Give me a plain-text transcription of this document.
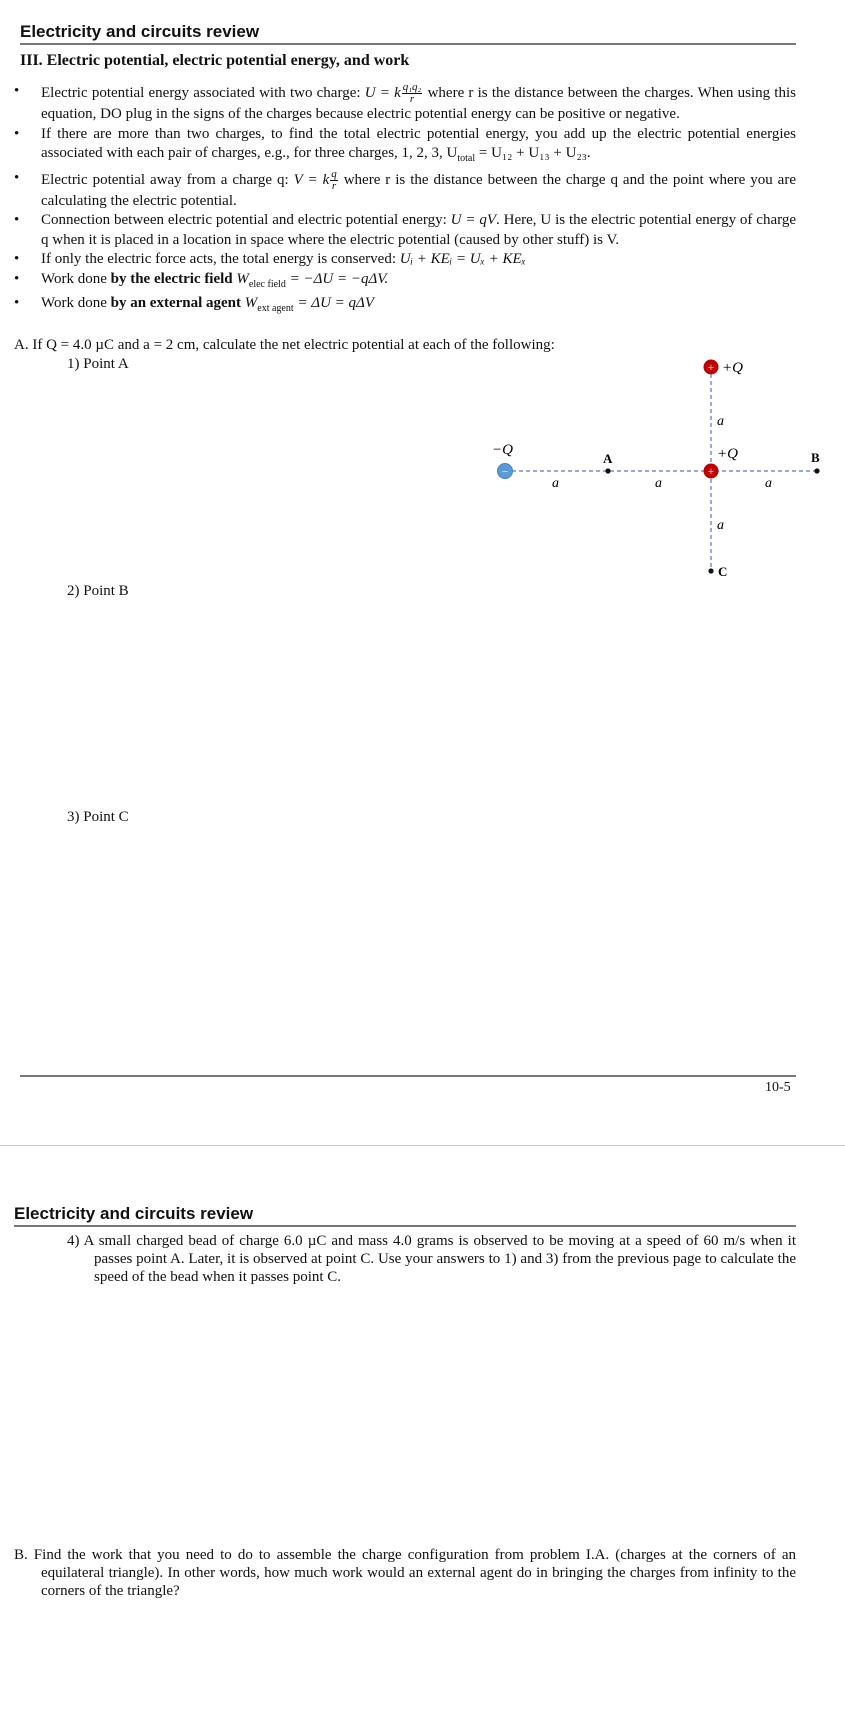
Electricity and circuits review
III. Electric potential, electric potential energy, and work
• Electric potential energy associated with two charge: U = k $\frac{\text{q₁q₂}}{r}$ where r is the distance between the charges. When using this equation, DO plug in the signs of the charges because electric potential energy can be positive or negative.
• If there are more than two charges, to find the total electric potential energy, you add up the electric potential energies associated with each pair of charges, e.g., for three charges, 1, 2, 3, $U_{total} = U_{12} + U_{13} + U_{23}$.
• Electric potential away from a charge q: V = k $\frac{q}{r}$ where r is the distance between the charge q and the point where you are calculating the electric potential.
• Connection between electric potential and electric potential energy: U = qV. Here, U is the electric potential energy of charge q when it is placed in a location in space where the electric potential (caused by other stuff) is V.
• If only the electric force acts, the total energy is conserved: Uᵢ + KEᵢ = Uₓ + KEₓ
• Work done by the electric field $W_{elec field} = -\Delta U = -q\Delta V$.
• Work done by an external agent $W_{ext agent} = \Delta U = q\Delta V$
A. If Q = 4.0 µC and a = 2 cm, calculate the net electric potential at each of the following:
1) Point A
−
−Q
+ +Q
+
+Q
A	B
C
a	a	a
a
a
2) Point B
3) Point C
10-5
Electricity and circuits review
4) A small charged bead of charge 6.0 µC and mass 4.0 grams is observed to be moving at a speed of 60 m/s when it passes point A. Later, it is observed at point C. Use your answers to 1) and 3) from the previous page to calculate the speed of the bead when it passes point C.
B. Find the work that you need to do to assemble the charge configuration from problem I.A. (charges at the corners of an equilateral triangle). In other words, how much work would an external agent do in bringing the charges from infinity to the corners of the triangle?
